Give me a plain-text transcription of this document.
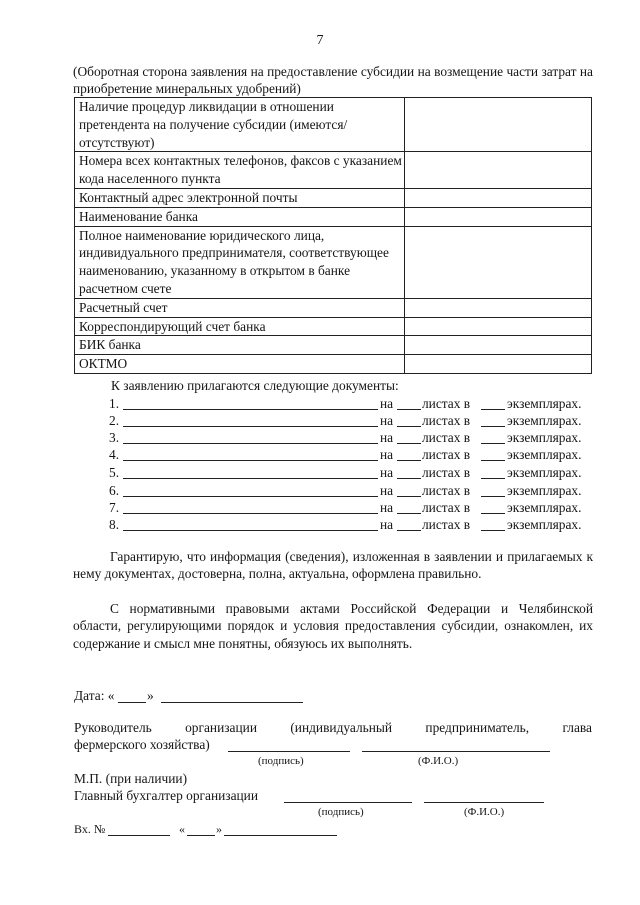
7
(Оборотная сторона заявления на предоставление субсидии на возмещение части затрат на приобретение минеральных удобрений)
Наличие процедур ликвидации в отношении претендента на получение субсидии (имеются/отсутствуют)	
Номера всех контактных телефонов, факсов с указанием кода населенного пункта	
Контактный адрес электронной почты	
Наименование банка	
Полное наименование юридического лица, индивидуального предпринимателя, соответствующее наименованию, указанному в открытом в банке расчетном счете	
Расчетный счет	
Корреспондирующий счет банка	
БИК банка	
ОКТМО	
К заявлению прилагаются следующие документы:
1.	на листах в	экземплярах.
2.	на листах в	экземплярах.
3.	на листах в	экземплярах.
4.	на листах в	экземплярах.
5.	на листах в	экземплярах.
6.	на листах в	экземплярах.
7.	на листах в	экземплярах.
8.	на листах в	экземплярах.
Гарантирую, что информация (сведения), изложенная в заявлении и прилагаемых к нему документах, достоверна, полна, актуальна, оформлена правильно.
С нормативными правовыми актами Российской Федерации и Челябинской области, регулирующими порядок и условия предоставления субсидии, ознакомлен, их содержание и смысл мне понятны, обязуюсь их выполнять.
Дата: « »
Руководитель организации (индивидуальный предприниматель, глава
фермерского хозяйства)
(подпись)	(Ф.И.О.)
М.П. (при наличии)
Главный бухгалтер организации
(подпись)	(Ф.И.О.)
Вх. №	«	»
